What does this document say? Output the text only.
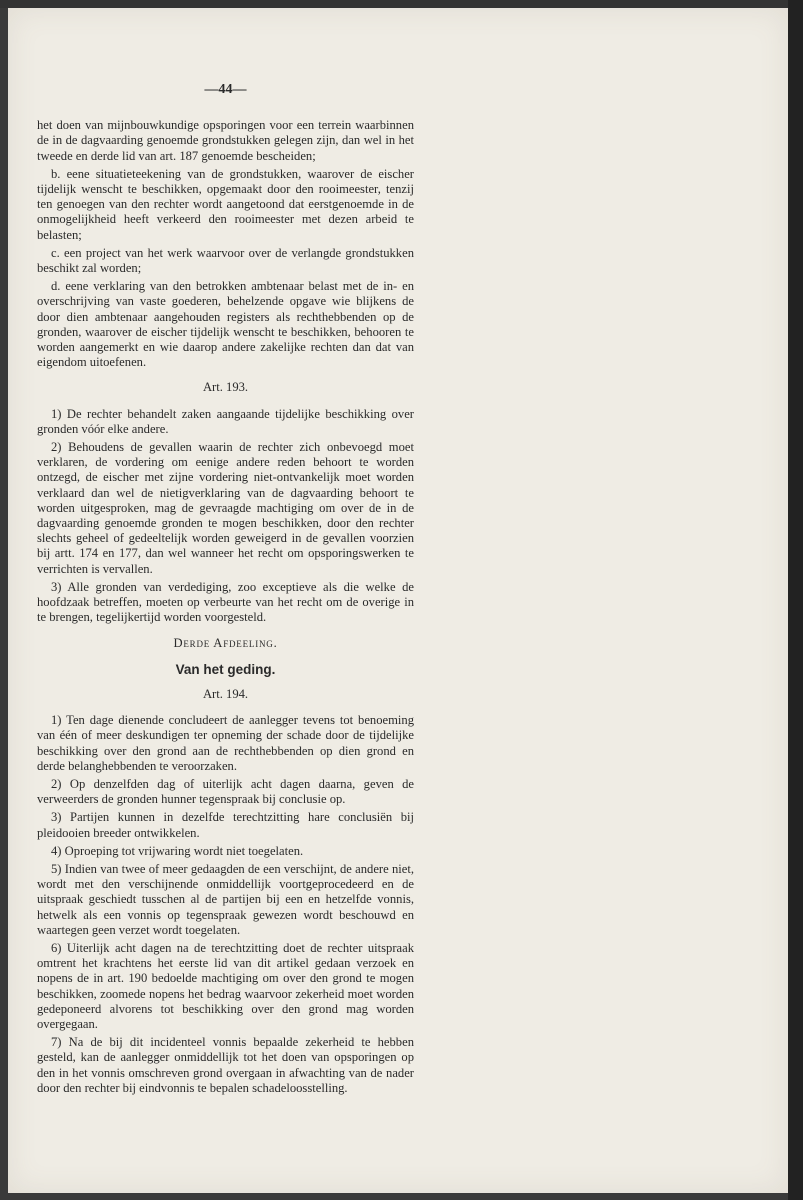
—44—

het doen van mijnbouwkundige opsporingen voor een terrein waarbinnen de in de dagvaarding genoemde grondstukken gelegen zijn, dan wel in het tweede en derde lid van art. 187 genoemde bescheiden;

b. eene situatieteekening van de grondstukken, waarover de eischer tijdelijk wenscht te beschikken, opgemaakt door den rooimeester, tenzij ten genoegen van den rechter wordt aangetoond dat eerstgenoemde in de onmogelijkheid heeft verkeerd den rooimeester met dezen arbeid te belasten;

c. een project van het werk waarvoor over de verlangde grondstukken beschikt zal worden;

d. eene verklaring van den betrokken ambtenaar belast met de in- en overschrijving van vaste goederen, behelzende opgave wie blijkens de door dien ambtenaar aangehouden registers als rechthebbenden op de gronden, waarover de eischer tijdelijk wenscht te beschikken, behooren te worden aangemerkt en wie daarop andere zakelijke rechten dan dat van eigendom uitoefenen.

Art. 193.

1) De rechter behandelt zaken aangaande tijdelijke beschikking over gronden vóór elke andere.

2) Behoudens de gevallen waarin de rechter zich onbevoegd moet verklaren, de vordering om eenige andere reden behoort te worden ontzegd, de eischer met zijne vordering niet-ontvankelijk moet worden verklaard dan wel de nietigverklaring van de dagvaarding behoort te worden uitgesproken, mag de gevraagde machtiging om over de in de dagvaarding genoemde gronden te mogen beschikken, door den rechter slechts geheel of gedeeltelijk worden geweigerd in de gevallen voorzien bij artt. 174 en 177, dan wel wanneer het recht om opsporingswerken te verrichten is vervallen.

3) Alle gronden van verdediging, zoo exceptieve als die welke de hoofdzaak betreffen, moeten op verbeurte van het recht om de overige in te brengen, tegelijkertijd worden voorgesteld.

Derde Afdeeling.
Van het geding.
Art. 194.

1) Ten dage dienende concludeert de aanlegger tevens tot benoeming van één of meer deskundigen ter opneming der schade door de tijdelijke beschikking over den grond aan de rechthebbenden op dien grond en derde belanghebbenden te veroorzaken.

2) Op denzelfden dag of uiterlijk acht dagen daarna, geven de verweerders de gronden hunner tegenspraak bij conclusie op.

3) Partijen kunnen in dezelfde terechtzitting hare conclusiën bij pleidooien breeder ontwikkelen.

4) Oproeping tot vrijwaring wordt niet toegelaten.

5) Indien van twee of meer gedaagden de een verschijnt, de andere niet, wordt met den verschijnende onmiddellijk voortgeprocedeerd en de uitspraak geschiedt tusschen al de partijen bij een en hetzelfde vonnis, hetwelk als een vonnis op tegenspraak gewezen wordt beschouwd en waartegen geen verzet wordt toegelaten.

6) Uiterlijk acht dagen na de terechtzitting doet de rechter uitspraak omtrent het krachtens het eerste lid van dit artikel gedaan verzoek en nopens de in art. 190 bedoelde machtiging om over den grond te mogen beschikken, zoomede nopens het bedrag waarvoor zekerheid moet worden gedeponeerd alvorens tot beschikking over den grond mag worden overgegaan.

7) Na de bij dit incidenteel vonnis bepaalde zekerheid te hebben gesteld, kan de aanlegger onmiddellijk tot het doen van opsporingen op den in het vonnis omschreven grond overgaan in afwachting van de nader door den rechter bij eindvonnis te bepalen schadeloosstelling.
